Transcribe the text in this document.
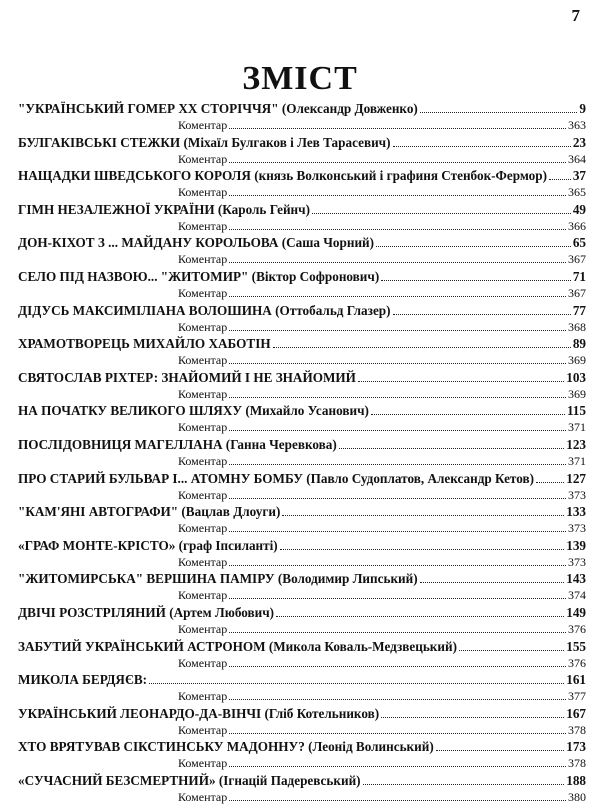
7
ЗМІСТ
"УКРАЇНСЬКИЙ ГОМЕР ХХ СТОРІЧЧЯ"
(Олександр Довженко)	9
Коментар	363
БУЛГАКІВСЬКІ СТЕЖКИ
(Міхаїл Булгаков і Лев Тарасевич)	23
Коментар	364
НАЩАДКИ ШВЕДСЬКОГО КОРОЛЯ
(князь Волконський і графиня Стенбок-Фермор) 37
Коментар	365
ГІМН НЕЗАЛЕЖНОЇ УКРАЇНИ
(Кароль Гейнч)	49
Коментар	366
ДОН-КІХОТ З ... МАЙДАНУ КОРОЛЬОВА
(Саша Чорний)	65
Коментар	367
СЕЛО ПІД НАЗВОЮ... "ЖИТОМИР"
(Віктор Софронович)	71
Коментар	367
ДІДУСЬ МАКСИМІЛІАНА ВОЛОШИНА
(Оттобальд Глазер)	77
Коментар	368
ХРАМОТВОРЕЦЬ МИХАЙЛО ХАБОТІН	89
Коментар	369
СВЯТОСЛАВ РІХТЕР: ЗНАЙОМИЙ І НЕ ЗНАЙОМИЙ	103
Коментар	369
НА ПОЧАТКУ ВЕЛИКОГО ШЛЯХУ
(Михайло Усанович)	115
Коментар	371
ПОСЛІДОВНИЦЯ МАГЕЛЛАНА
(Ганна Черевкова)	123
Коментар	371
ПРО СТАРИЙ БУЛЬВАР І... АТОМНУ БОМБУ
(Павло Судоплатов, Александр Кетов) 127
Коментар	373
"КАМ'ЯНІ АВТОГРАФИ"
(Вацлав Длоуги)	133
Коментар	373
«ГРАФ МОНТЕ-КРІСТО»
(граф Іпсиланті)	139
Коментар	373
"ЖИТОМИРСЬКА" ВЕРШИНА ПАМІРУ
(Володимир Липський)	143
Коментар	374
ДВІЧІ РОЗСТРІЛЯНИЙ
(Артем Любович)	149
Коментар	376
ЗАБУТИЙ УКРАЇНСЬКИЙ АСТРОНОМ
(Микола Коваль-Медзвецький)	155
Коментар	376
МИКОЛА БЕРДЯЄВ:	161
Коментар	377
УКРАЇНСЬКИЙ ЛЕОНАРДО-ДА-ВІНЧІ
(Гліб Котельников)	167
Коментар	378
ХТО ВРЯТУВАВ СІКСТИНСЬКУ МАДОННУ?
(Леонід Волинський)	173
Коментар	378
«СУЧАСНИЙ БЕЗСМЕРТНИЙ»
(Ігнацій Падеревський)	188
Коментар	380
